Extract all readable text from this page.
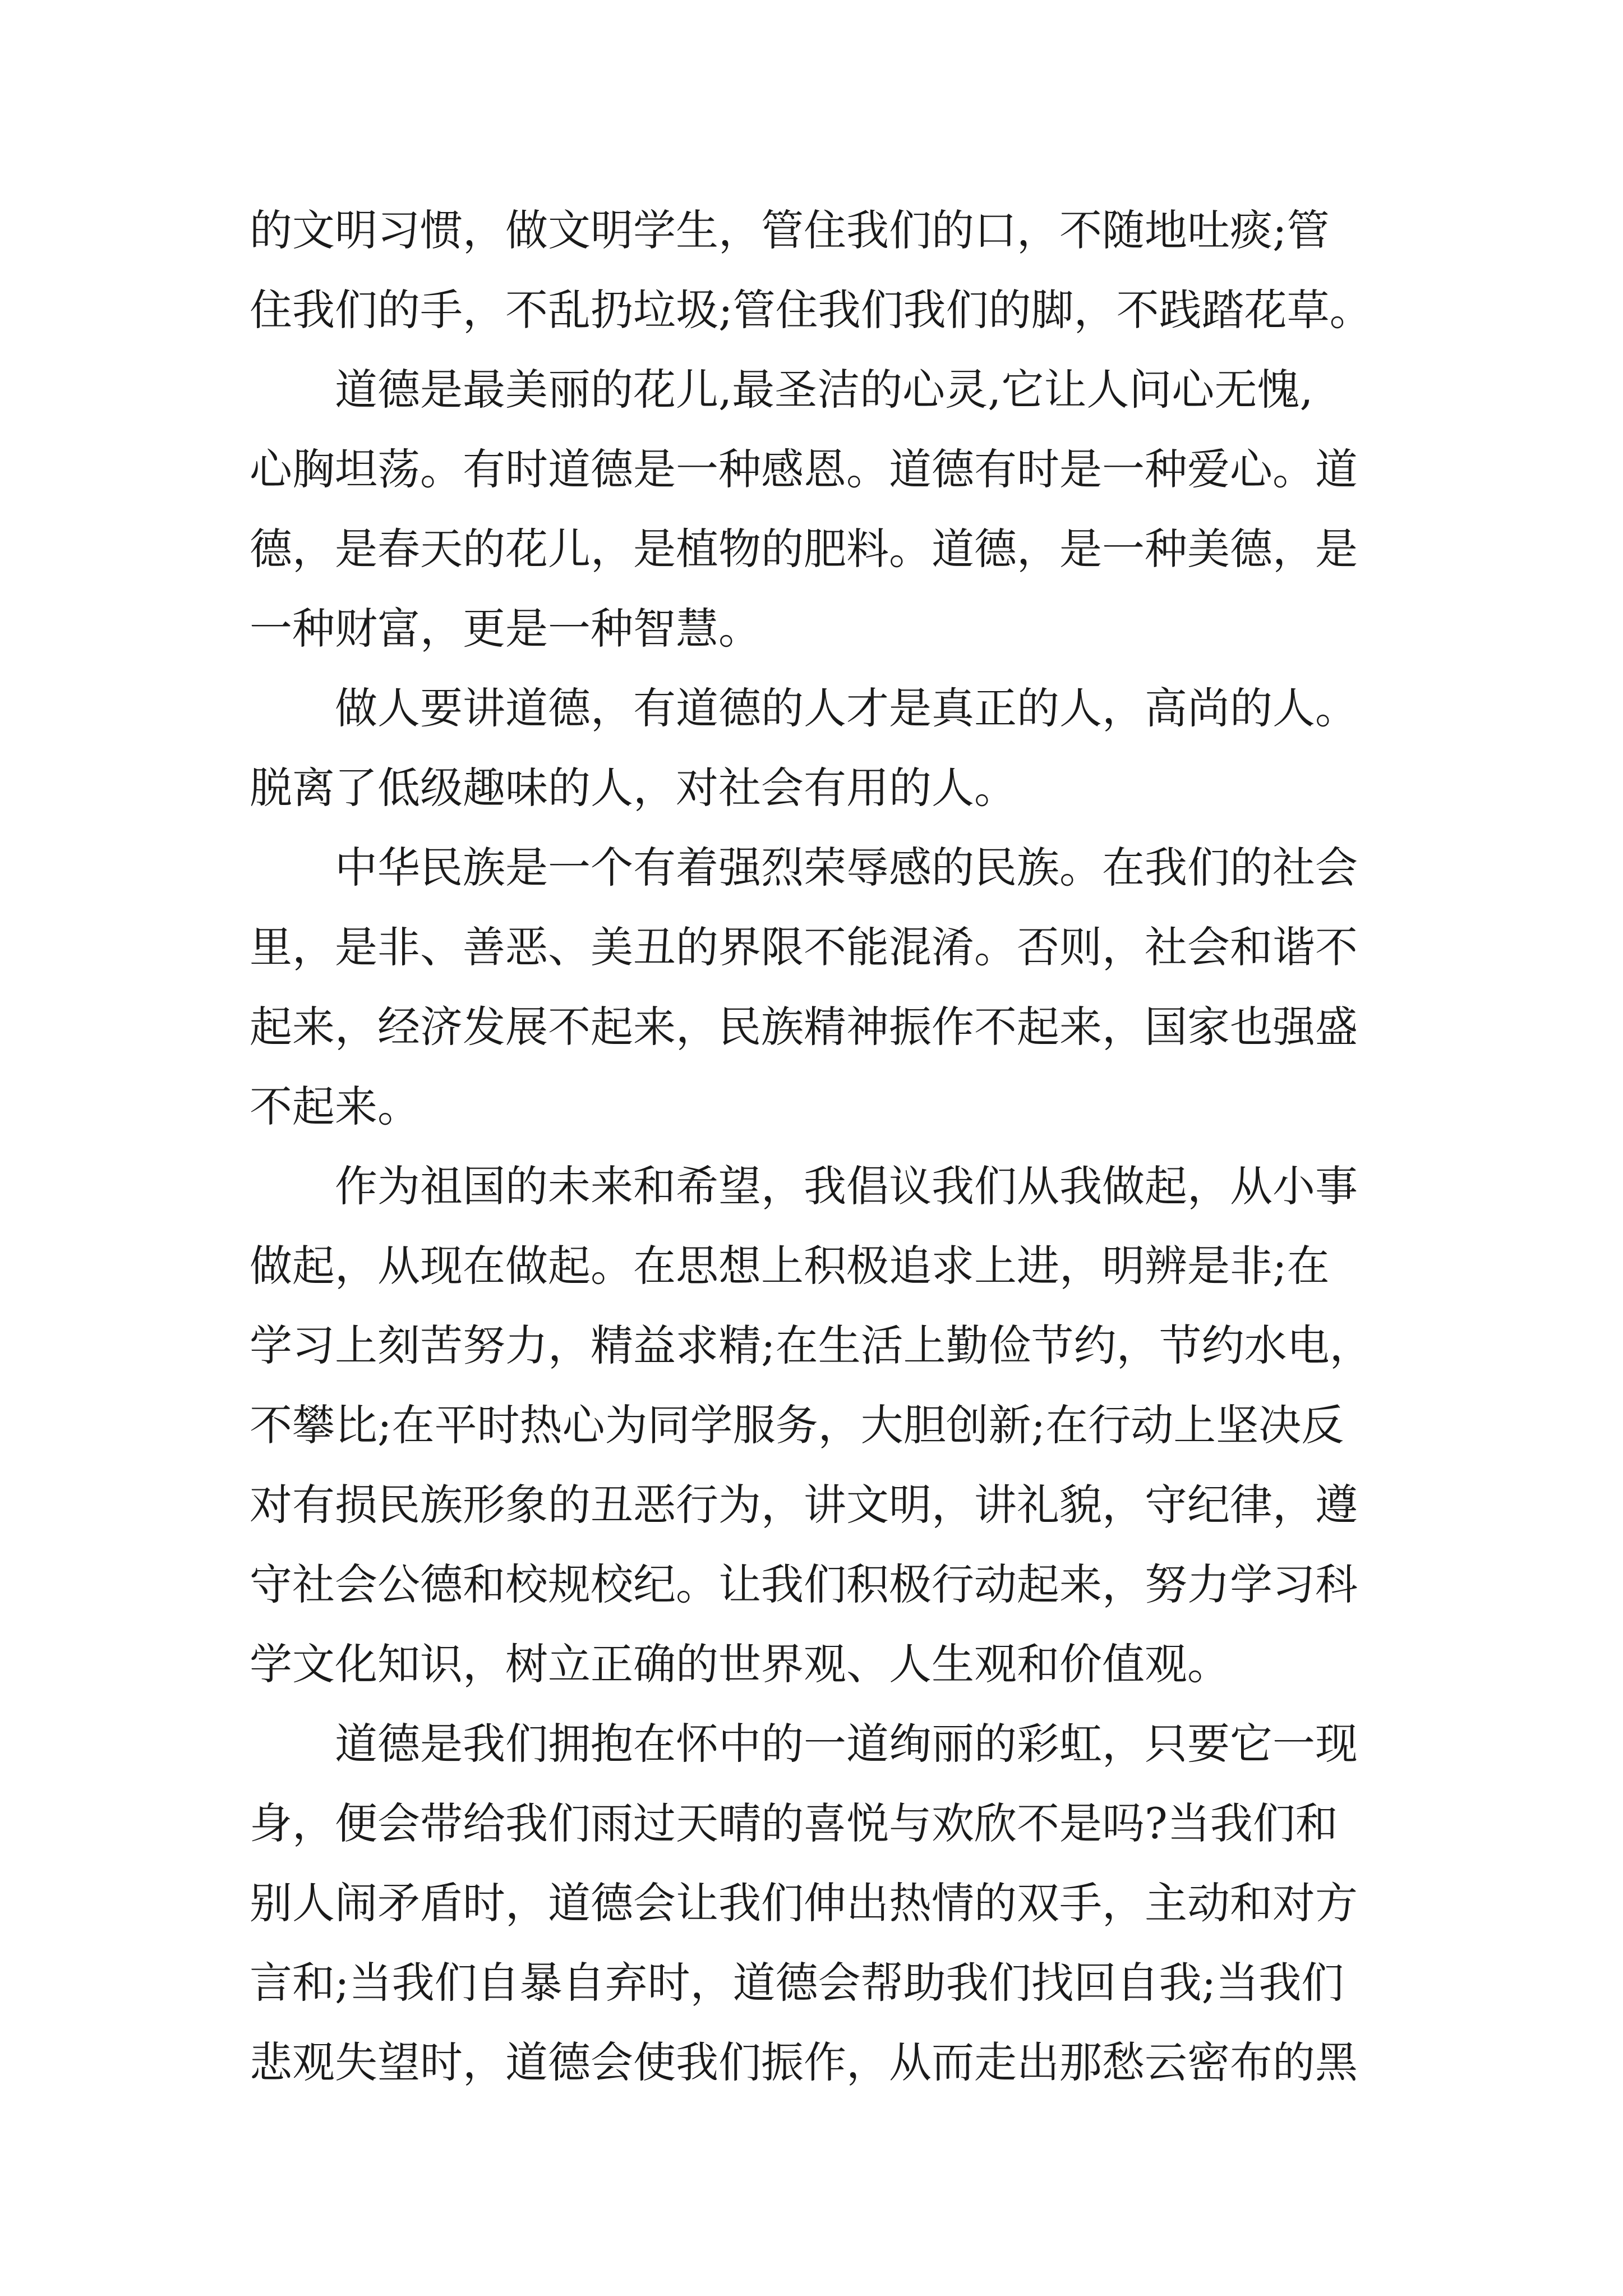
的文明习惯，做文明学生，管住我们的口，不随地吐痰;管
住我们的手，不乱扔垃圾;管住我们我们的脚，不践踏花草。
道德是最美丽的花儿,最圣洁的心灵,它让人问心无愧,
心胸坦荡。有时道德是一种感恩。道德有时是一种爱心。道
德，是春天的花儿，是植物的肥料。道德，是一种美德，是
一种财富，更是一种智慧。
做人要讲道德，有道德的人才是真正的人，高尚的人。
脱离了低级趣味的人，对社会有用的人。
中华民族是一个有着强烈荣辱感的民族。在我们的社会
里，是非、善恶、美丑的界限不能混淆。否则，社会和谐不
起来，经济发展不起来，民族精神振作不起来，国家也强盛
不起来。
作为祖国的未来和希望，我倡议我们从我做起，从小事
做起，从现在做起。在思想上积极追求上进，明辨是非;在
学习上刻苦努力，精益求精;在生活上勤俭节约，节约水电，
不攀比;在平时热心为同学服务，大胆创新;在行动上坚决反
对有损民族形象的丑恶行为，讲文明，讲礼貌，守纪律，遵
守社会公德和校规校纪。让我们积极行动起来，努力学习科
学文化知识，树立正确的世界观、人生观和价值观。
道德是我们拥抱在怀中的一道绚丽的彩虹，只要它一现
身，便会带给我们雨过天晴的喜悦与欢欣不是吗?当我们和
别人闹矛盾时，道德会让我们伸出热情的双手，主动和对方
言和;当我们自暴自弃时，道德会帮助我们找回自我;当我们
悲观失望时，道德会使我们振作，从而走出那愁云密布的黑
